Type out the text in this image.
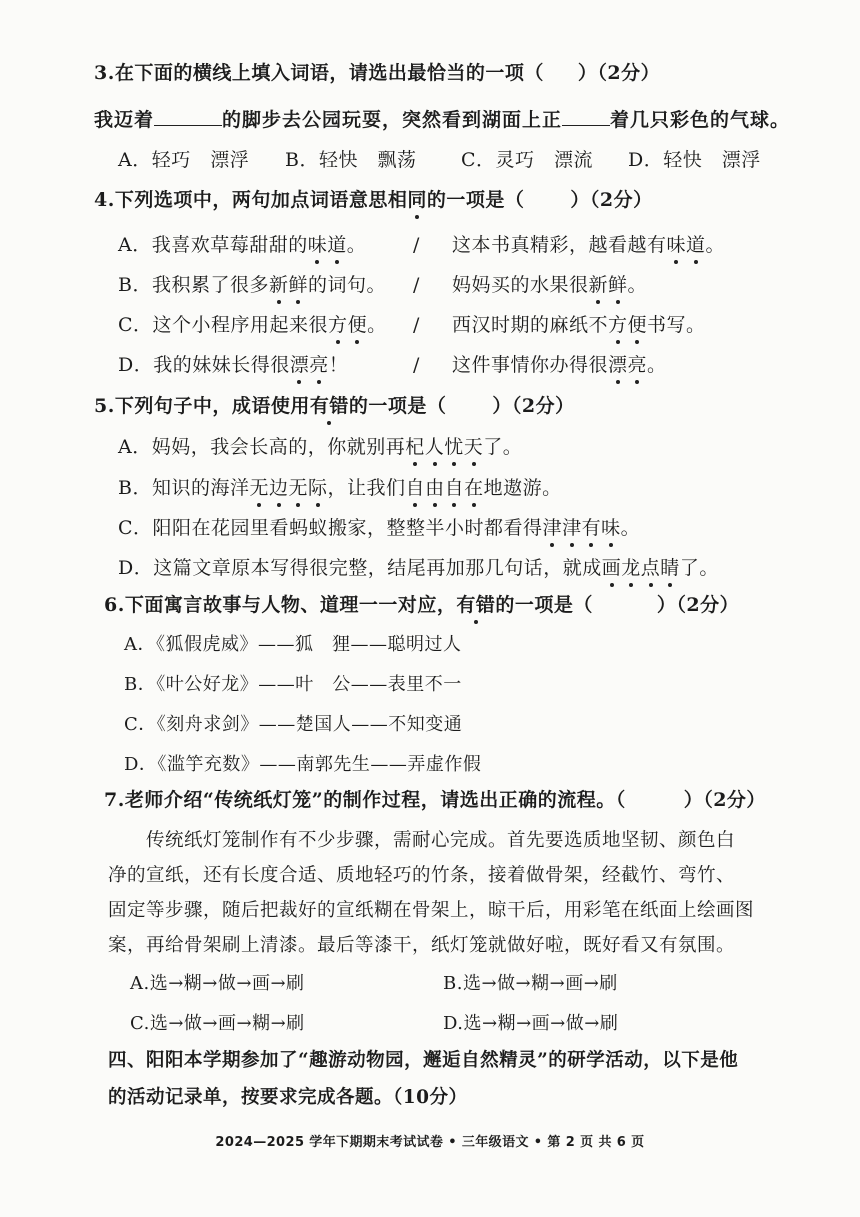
3.在下面的横线上填入词语，请选出最恰当的一项（ ）（2分）
我迈着	的脚步去公园玩耍，突然看到湖面上正	着几只彩色的气球。
A．轻巧　漂浮 B．轻快　飘荡 C．灵巧　漂流 D．轻快　漂浮
4.下列选项中，两句加点词语意思相同的一项是（ ）（2分）
A．我喜欢草莓甜甜的味道。 / 这本书真精彩，越看越有味道。
B．我积累了很多新鲜的词句。 / 妈妈买的水果很新鲜。
C．这个小程序用起来很方便。 / 西汉时期的麻纸不方便书写。
D．我的妹妹长得很漂亮！	/ 这件事情你办得很漂亮。
5.下列句子中，成语使用有错的一项是（ ）（2分）
A．妈妈，我会长高的，你就别再杞人忧天了。
B．知识的海洋无边无际，让我们自由自在地遨游。
C．阳阳在花园里看蚂蚁搬家，整整半小时都看得津津有味。
D．这篇文章原本写得很完整，结尾再加那几句话，就成画龙点睛了。
6.下面寓言故事与人物、道理一一对应，有错的一项是（	）（2分）
A．《狐假虎威》——狐　狸——聪明过人
B．《叶公好龙》——叶　公——表里不一
C．《刻舟求剑》——楚国人——不知变通
D．《滥竽充数》——南郭先生——弄虚作假
7.老师介绍“传统纸灯笼”的制作过程，请选出正确的流程。（	）（2分）
传统纸灯笼制作有不少步骤，需耐心完成。首先要选质地坚韧、颜色白
净的宣纸，还有长度合适、质地轻巧的竹条，接着做骨架，经截竹、弯竹、
固定等步骤，随后把裁好的宣纸糊在骨架上，晾干后，用彩笔在纸面上绘画图
案，再给骨架刷上清漆。最后等漆干，纸灯笼就做好啦，既好看又有氛围。
A.选→糊→做→画→刷	B.选→做→糊→画→刷
C.选→做→画→糊→刷	D.选→糊→画→做→刷
四、阳阳本学期参加了“趣游动物园，邂逅自然精灵”的研学活动，以下是他
的活动记录单，按要求完成各题。（10分）
2024—2025 学年下期期末考试试卷 • 三年级语文 • 第 2 页 共 6 页
